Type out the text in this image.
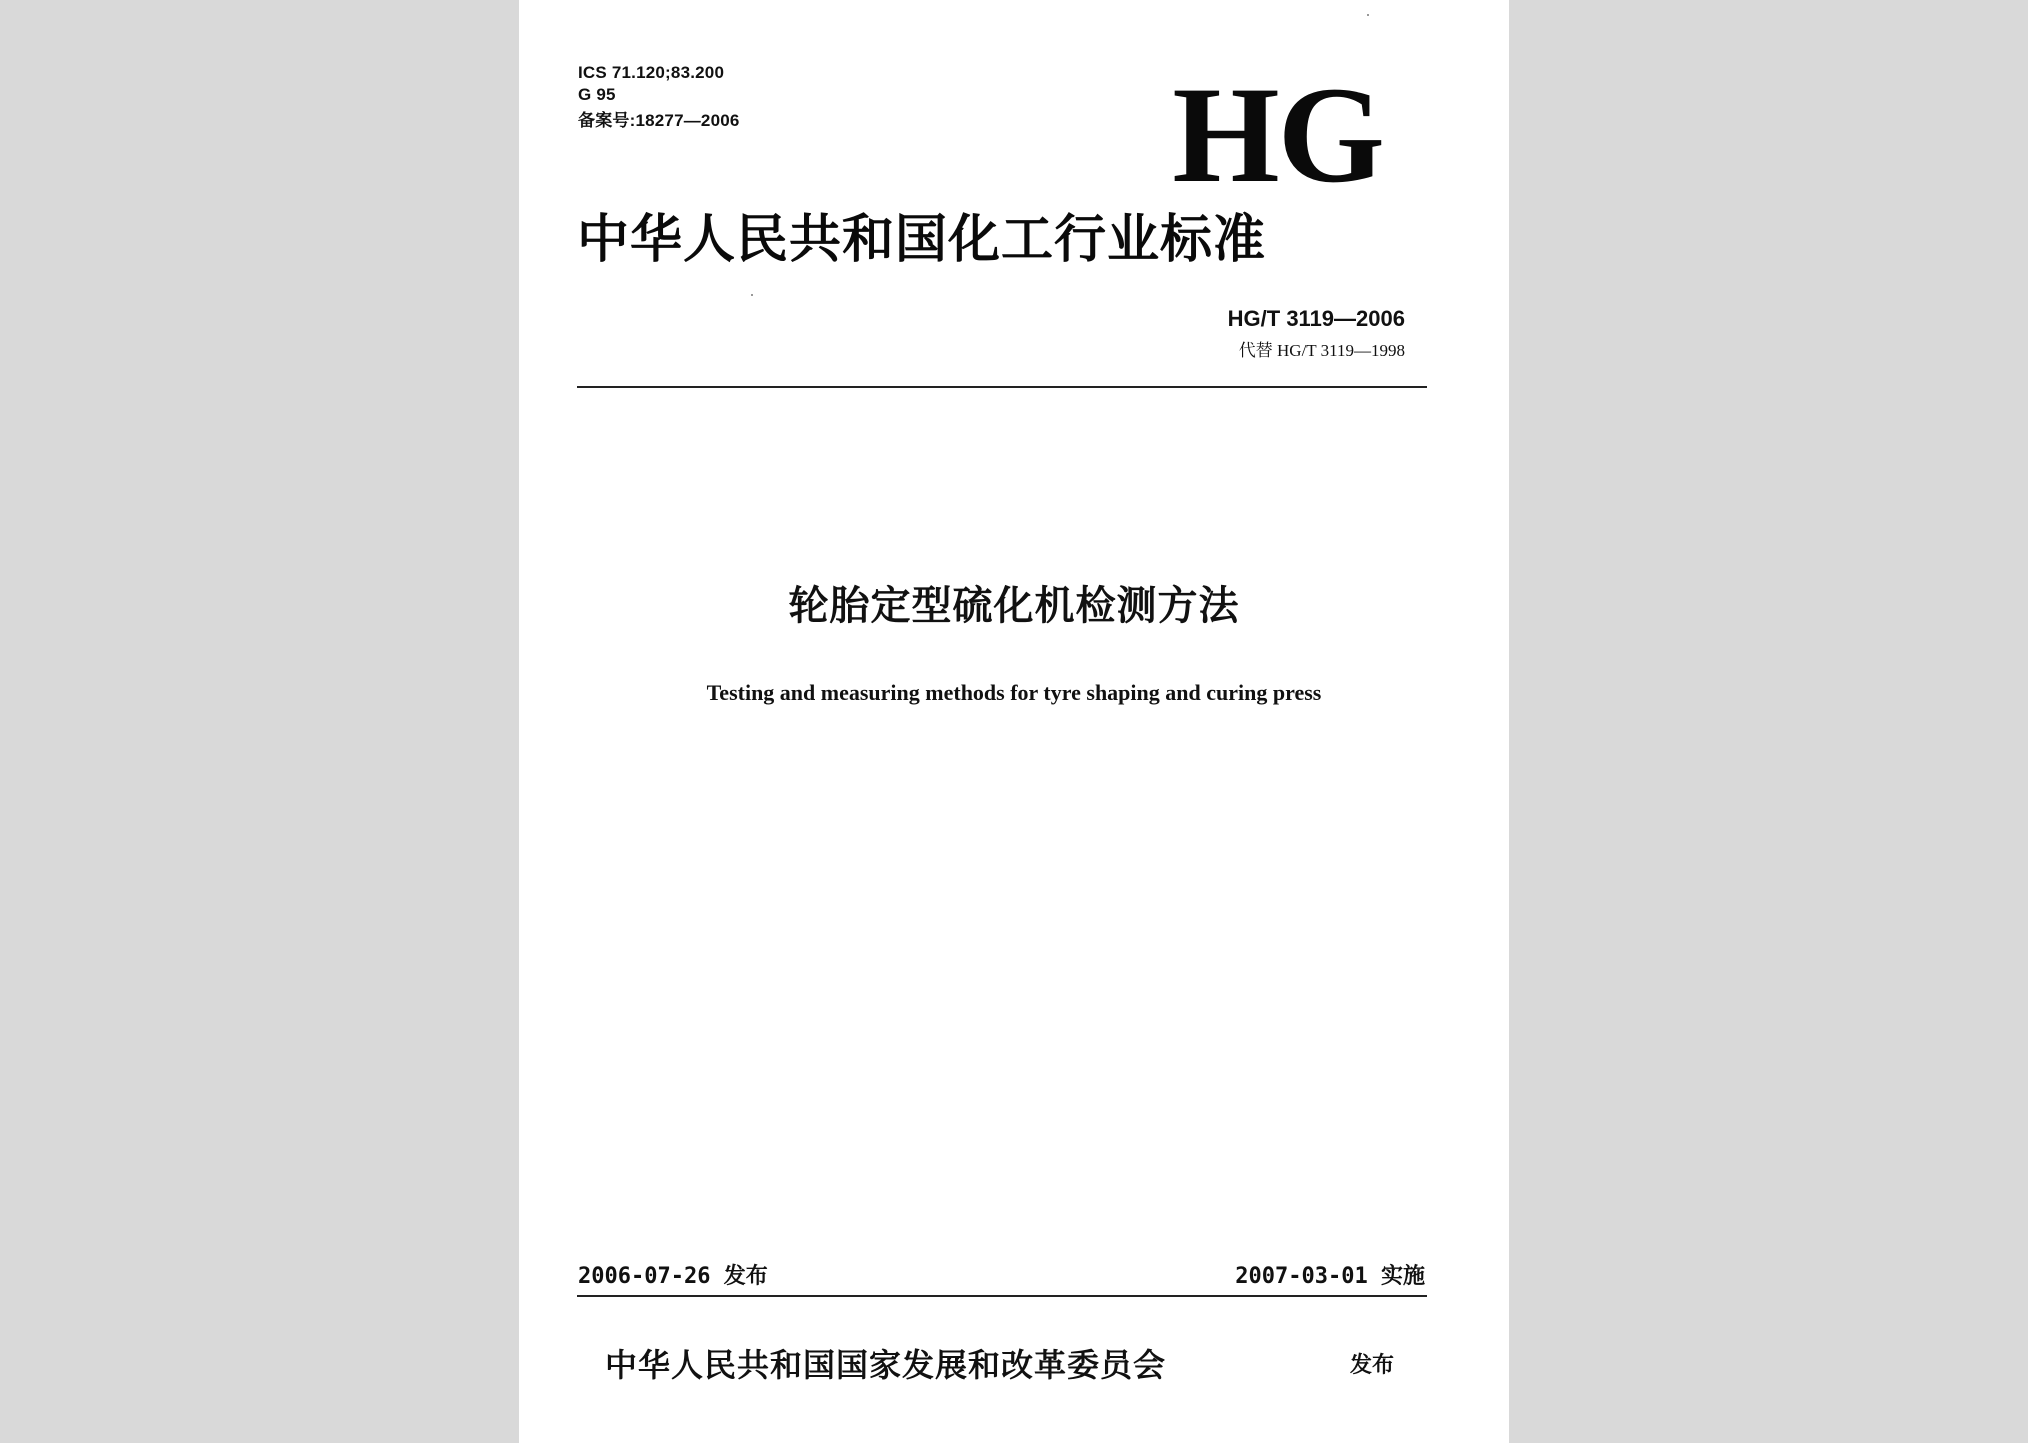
ICS 71.120;83.200
G 95
备案号:18277—2006	HG
中华人民共和国化工行业标准
HG/T 3119—2006
代替 HG/T 3119—1998
轮胎定型硫化机检测方法
Testing and measuring methods for tyre shaping and curing press
2006-07-26 发布	2007-03-01 实施
中华人民共和国国家发展和改革委员会	发布
